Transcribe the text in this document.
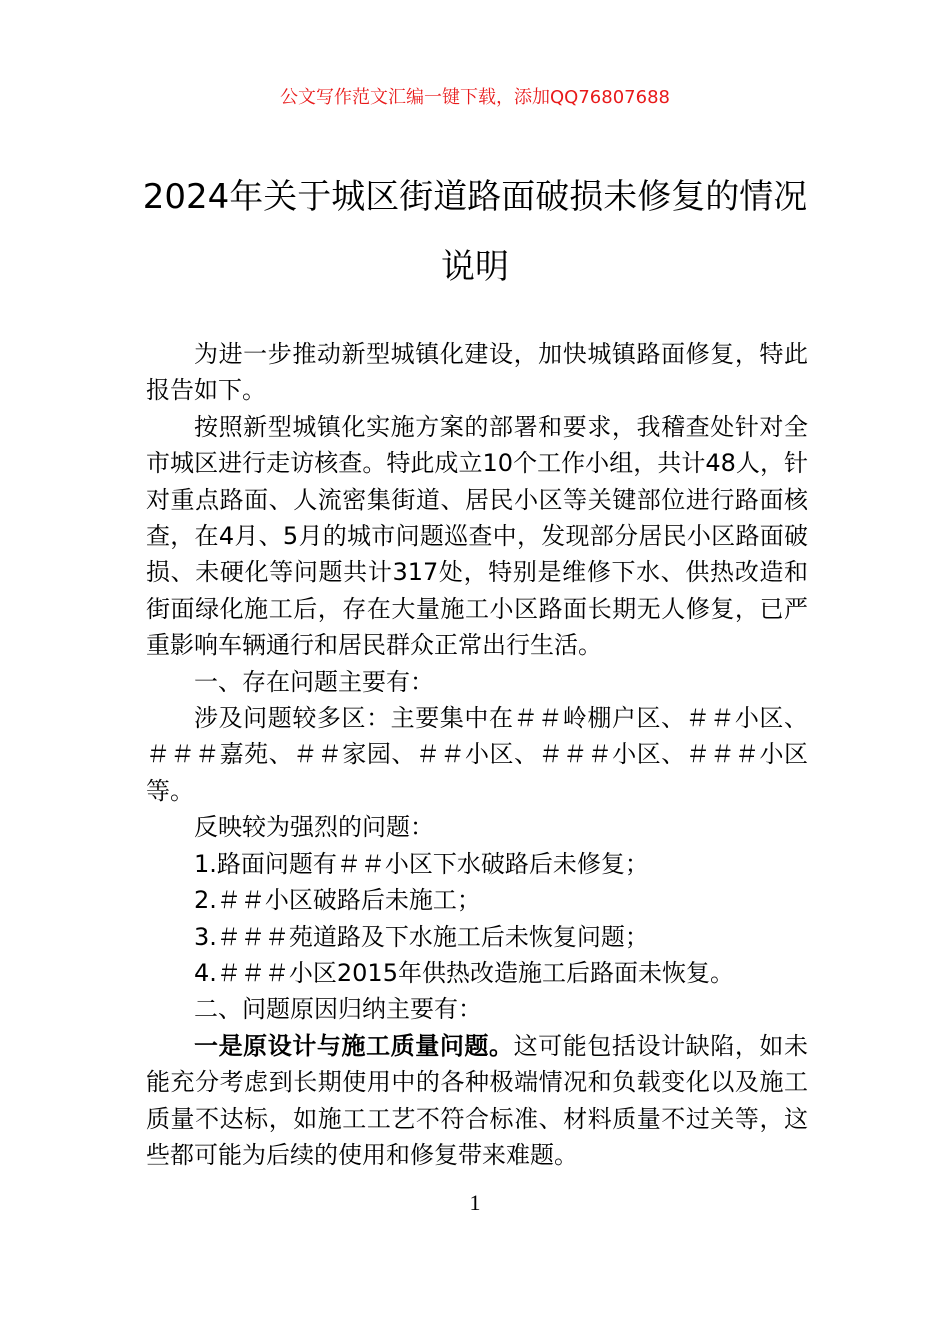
公文写作范文汇编一键下载，添加QQ76807688
2024年关于城区街道路面破损未修复的情况说明

为进一步推动新型城镇化建设，加快城镇路面修复，特此报告如下。

按照新型城镇化实施方案的部署和要求，我稽查处针对全市城区进行走访核查。特此成立10个工作小组，共计48人，针对重点路面、人流密集街道、居民小区等关键部位进行路面核查，在4月、5月的城市问题巡查中，发现部分居民小区路面破损、未硬化等问题共计317处，特别是维修下水、供热改造和街面绿化施工后，存在大量施工小区路面长期无人修复，已严重影响车辆通行和居民群众正常出行生活。

一、存在问题主要有：

涉及问题较多区：主要集中在＃＃岭棚户区、＃＃小区、＃＃＃嘉苑、＃＃家园、＃＃小区、＃＃＃小区、＃＃＃小区等。

反映较为强烈的问题：

1.路面问题有＃＃小区下水破路后未修复；

2.＃＃小区破路后未施工；

3.＃＃＃苑道路及下水施工后未恢复问题；

4.＃＃＃小区2015年供热改造施工后路面未恢复。

二、问题原因归纳主要有：

一是原设计与施工质量问题。这可能包括设计缺陷，如未能充分考虑到长期使用中的各种极端情况和负载变化以及施工质量不达标，如施工工艺不符合标准、材料质量不过关等，这些都可能为后续的使用和修复带来难题。

1
